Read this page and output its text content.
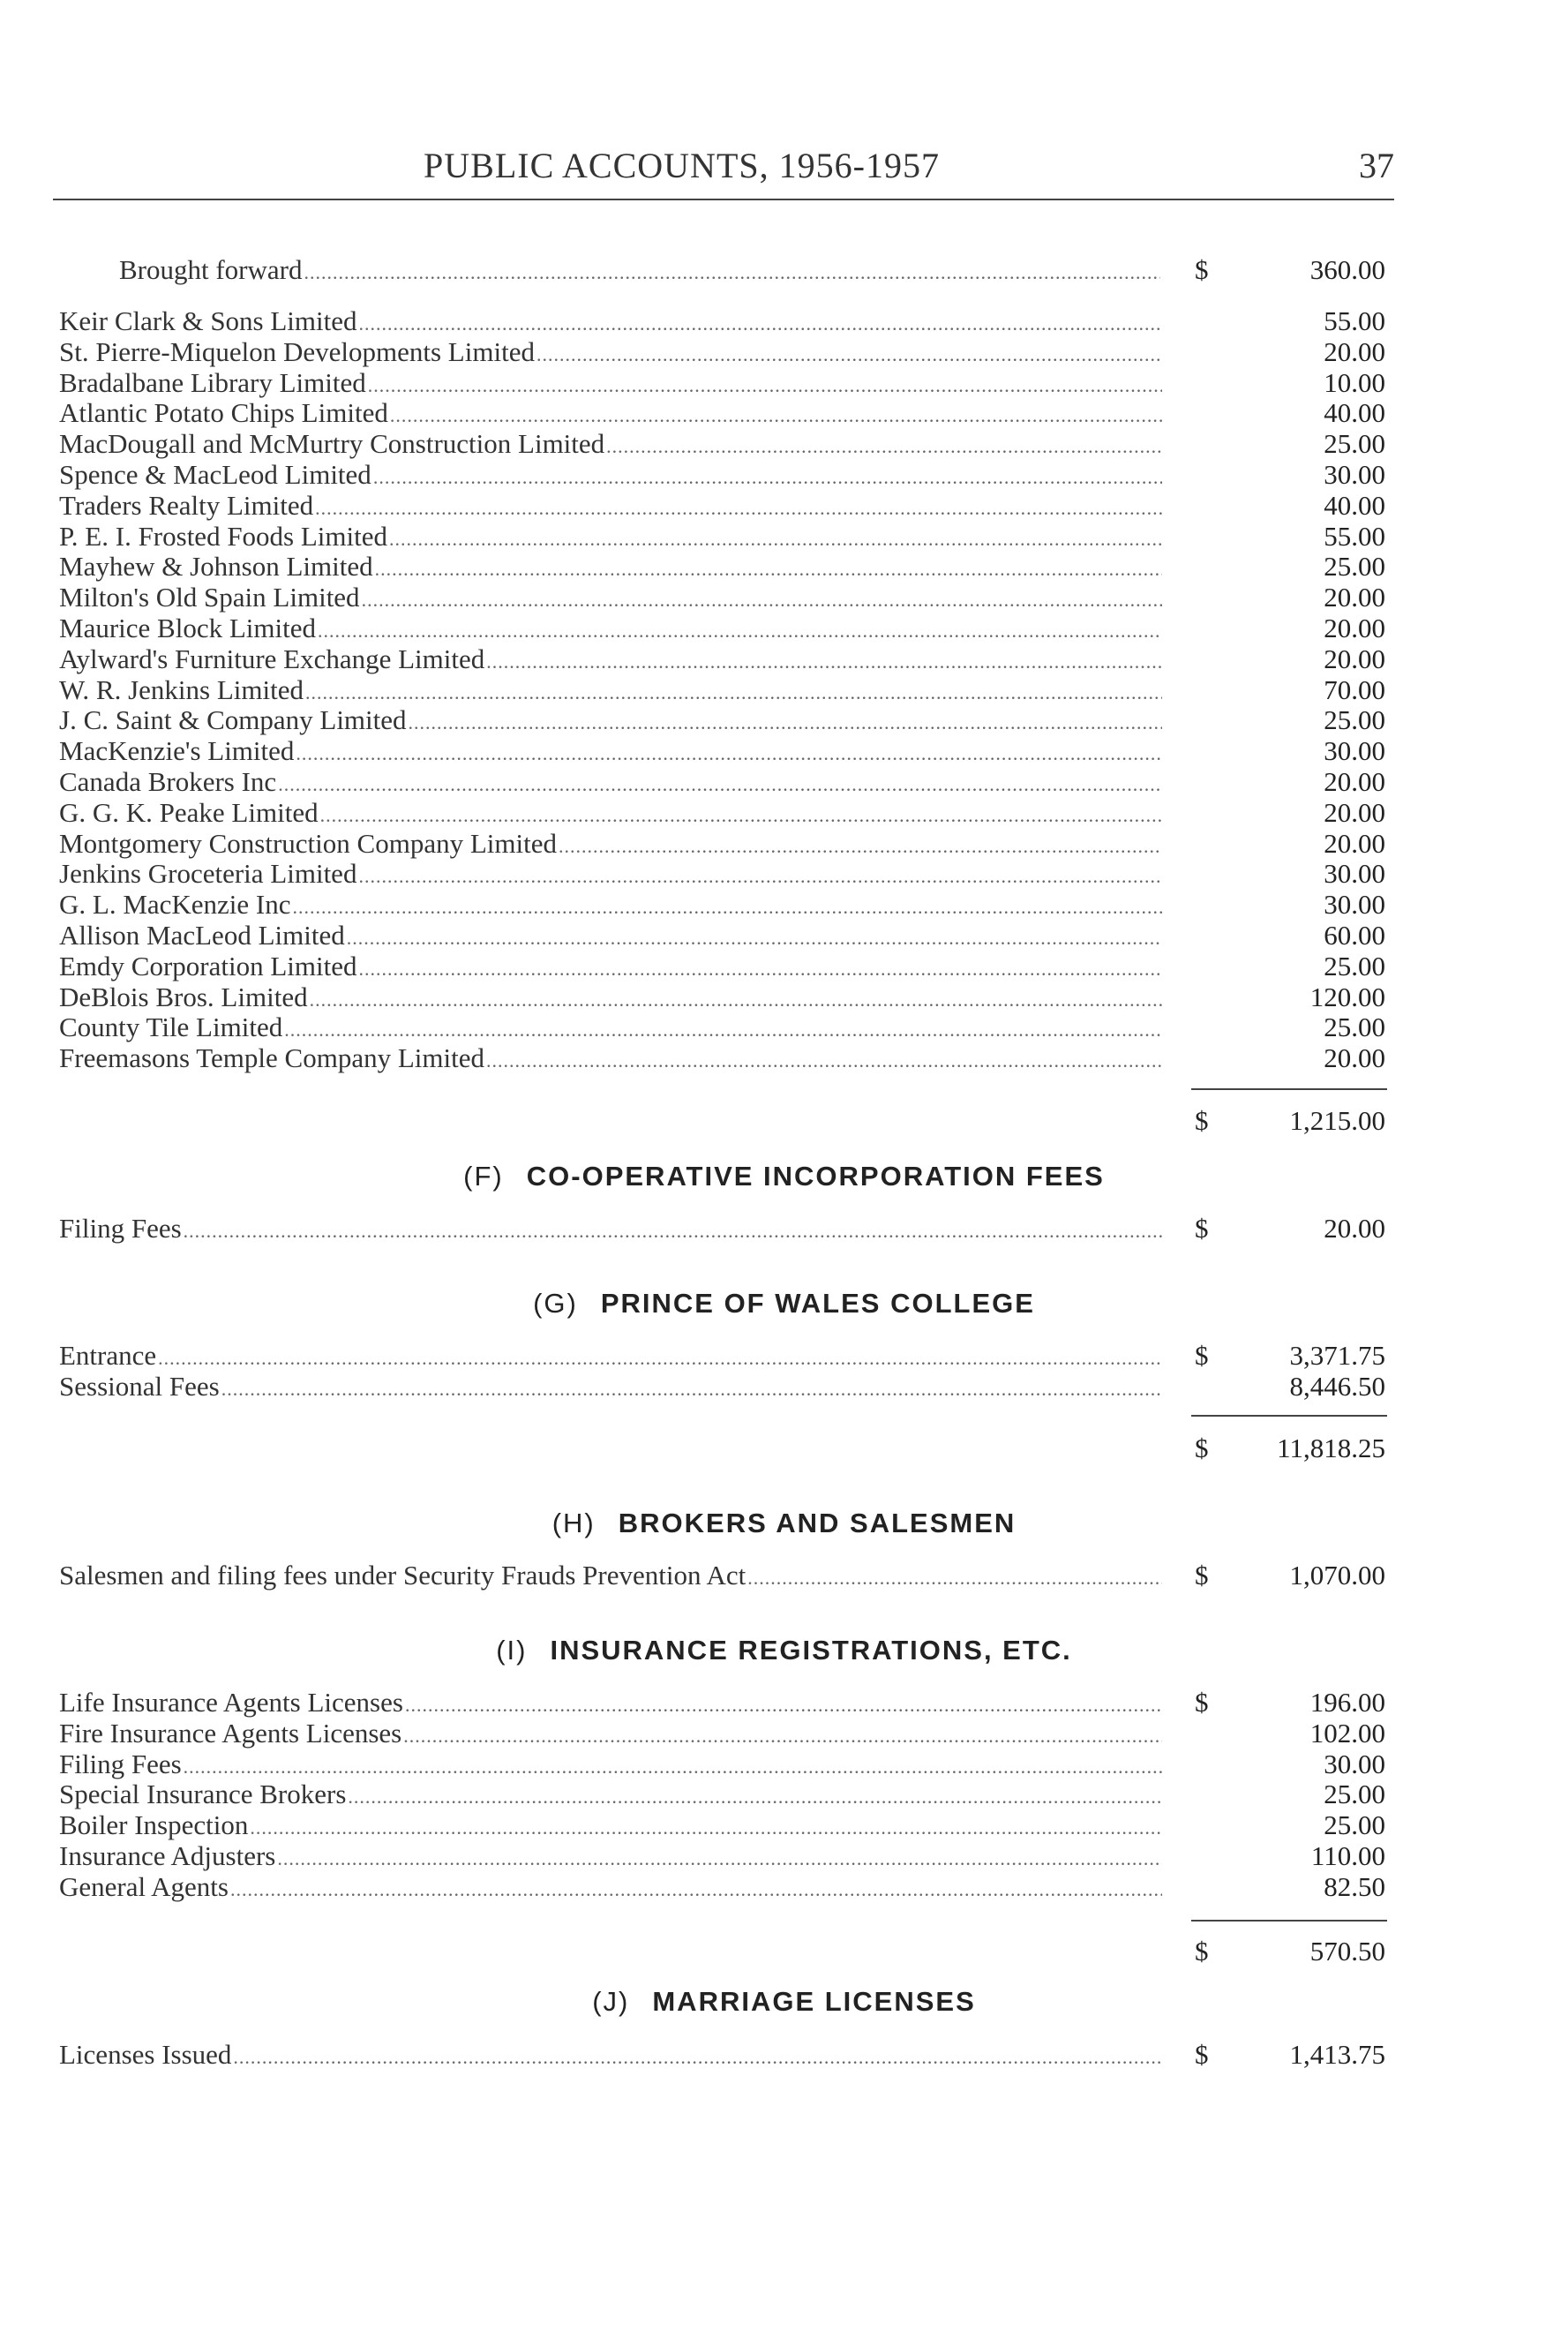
PUBLIC ACCOUNTS, 1956-1957	37
Brought forward .....	$	360.00
Keir Clark & Sons Limited .....	55.00
St. Pierre-Miquelon Developments Limited .....	20.00
Bradalbane Library Limited .....	10.00
Atlantic Potato Chips Limited .....	40.00
MacDougall and McMurtry Construction Limited .....	25.00
Spence & MacLeod Limited .....	30.00
Traders Realty Limited .....	40.00
P. E. I. Frosted Foods Limited .....	55.00
Mayhew & Johnson Limited .....	25.00
Milton's Old Spain Limited .....	20.00
Maurice Block Limited .....	20.00
Aylward's Furniture Exchange Limited .....	20.00
W. R. Jenkins Limited .....	70.00
J. C. Saint & Company Limited .....	25.00
MacKenzie's Limited .....	30.00
Canada Brokers Inc .....	20.00
G. G. K. Peake Limited .....	20.00
Montgomery Construction Company Limited .....	20.00
Jenkins Groceteria Limited .....	30.00
G. L. MacKenzie Inc .....	30.00
Allison MacLeod Limited .....	60.00
Emdy Corporation Limited .....	25.00
DeBlois Bros. Limited .....	120.00
County Tile Limited .....	25.00
Freemasons Temple Company Limited .....	20.00
$	1,215.00
(F) CO-OPERATIVE INCORPORATION FEES
Filing Fees .....	$	20.00
(G) PRINCE OF WALES COLLEGE
Entrance .....	$	3,371.75
Sessional Fees .....	8,446.50
$	11,818.25
(H) BROKERS AND SALESMEN
Salesmen and filing fees under Security Frauds Prevention Act .....	$	1,070.00
(I) INSURANCE REGISTRATIONS, ETC.
Life Insurance Agents Licenses .....	$	196.00
Fire Insurance Agents Licenses .....	102.00
Filing Fees .....	30.00
Special Insurance Brokers .....	25.00
Boiler Inspection .....	25.00
Insurance Adjusters .....	110.00
General Agents .....	82.50
$	570.50
(J) MARRIAGE LICENSES
Licenses Issued .....	$	1,413.75
